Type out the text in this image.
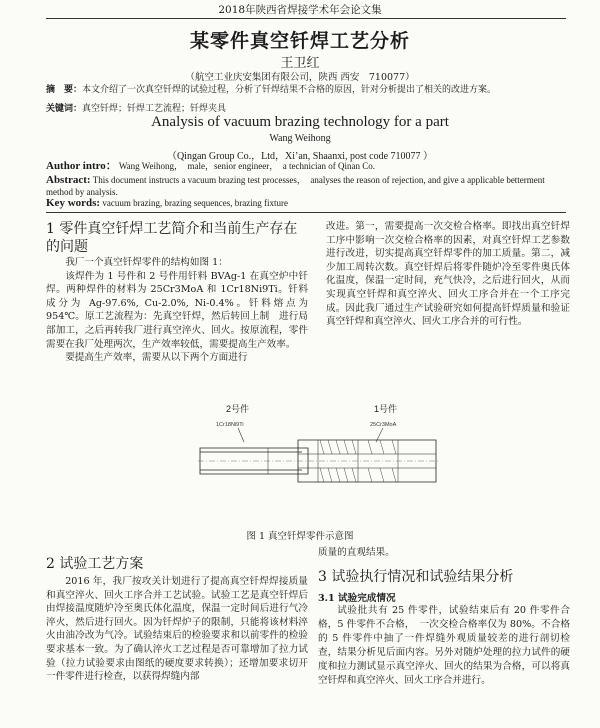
2018年陕西省焊接学术年会论文集
某零件真空钎焊工艺分析
王卫红
（航空工业庆安集团有限公司，陕西 西安　710077）
摘　要：本文介绍了一次真空钎焊的试验过程，分析了钎焊结果不合格的原因，针对分析提出了相关的改进方案。
关键词：真空钎焊；钎焊工艺流程；钎焊夹具
Analysis of vacuum brazing technology for a part
Wang Weihong
（Qingan Group Co.，Ltd，Xi’an, Shaanxi, post code 710077 ）
Author intro： Wang Weihong，　male，senior engineer，　a technician of Qinan Co.
Abstract: This document instructs a vacuum brazing test processes，　analyses the reason of rejection, and give a applicable betterment method by analysis.
Key words: vacuum brazing, brazing sequences, brazing fixture
1 零件真空钎焊工艺简介和当前生产存在的问题

我厂一个真空钎焊零件的结构如图 1：

该焊件为 1 号件和 2 号件用钎料 BVAg-1 在真空炉中钎焊。两种焊件的材料为 25Cr3MoA 和 1Cr18Ni9Ti。钎料成分为 Ag-97.6%, Cu-2.0%, Ni-0.4%。钎料熔点为 954℃。原工艺流程为：先真空钎焊，然后转回上制　进行局部加工，之后再转我厂进行真空淬火、回火。按原流程，零件需要在我厂处理两次，生产效率较低，需要提高生产效率。

要提高生产效率，需要从以下两个方面进行

改进。第一，需要提高一次交检合格率。即找出真空钎焊工序中影响一次交检合格率的因素，对真空钎焊工艺参数进行改进，切实提高真空钎焊零件的加工质量。第二，减少加工周转次数。真空钎焊后将零件随炉冷至零件奥氏体化温度，保温一定时间，充气快冷，之后进行回火，从而实现真空钎焊和真空淬火、回火工序合并在一个工序完成。因此我厂通过生产试验研究如何提高钎焊质量和验证真空钎焊和真空淬火、回火工序合并的可行性。

2号件	1号件
1Cr18Ni9Ti	25Cr3MoA
图 1 真空钎焊零件示意图
2 试验工艺方案

2016 年，我厂按攻关计划进行了提高真空钎焊焊接质量和真空淬火、回火工序合并工艺试验。试验工艺是真空钎焊后由焊接温度随炉冷至奥氏体化温度，保温一定时间后进行气冷淬火，然后进行回火。因为钎焊炉子的限制，只能将该材料淬火由油冷改为气冷。试验结束后的检验要求和以前零件的检验要求基本一致。为了确认淬火工艺过程是否可靠增加了拉力试验（拉力试验要求由图纸的硬度要求转换）；还增加要求切开一件零件进行检查，以获得焊缝内部

质量的直观结果。
3 试验执行情况和试验结果分析
3.1 试验完成情况

试验批共有 25 件零件，试验结束后有 20 件零件合格，5 件零件不合格，　一次交检合格率仅为 80%。不合格的 5 件零件中抽了一件焊缝外观质量较差的进行剖切检查，结果分析见后面内容。另外对随炉处理的拉力试件的硬度和拉力测试显示真空淬火、回火的结果为合格，可以将真空钎焊和真空淬火、回火工序合并进行。
